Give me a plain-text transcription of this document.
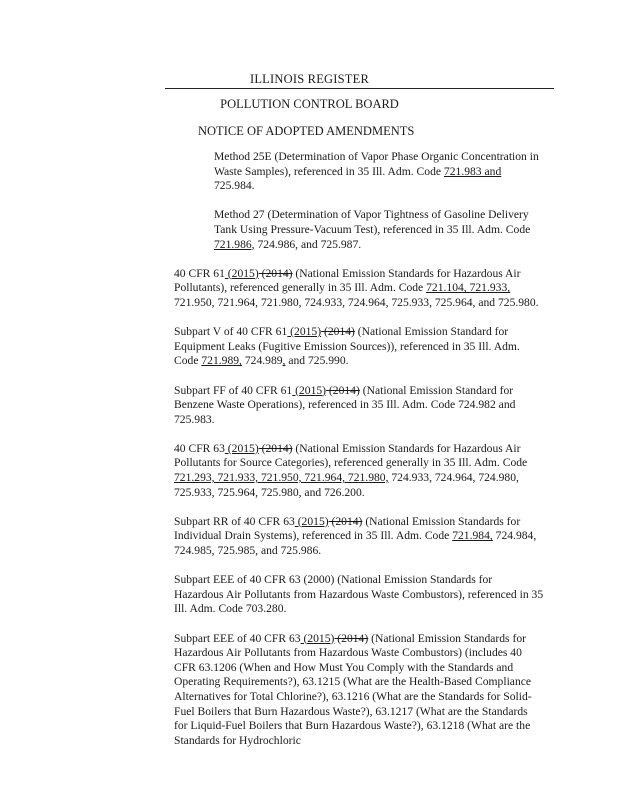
ILLINOIS REGISTER
POLLUTION CONTROL BOARD
NOTICE OF ADOPTED AMENDMENTS

Method 25E (Determination of Vapor Phase Organic Concentration in Waste Samples), referenced in 35 Ill. Adm. Code 721.983 and 725.984.

Method 27 (Determination of Vapor Tightness of Gasoline Delivery Tank Using Pressure-Vacuum Test), referenced in 35 Ill. Adm. Code 721.986, 724.986, and 725.987.

40 CFR 61 (2015) (2014) (National Emission Standards for Hazardous Air Pollutants), referenced generally in 35 Ill. Adm. Code 721.104, 721.933, 721.950, 721.964, 721.980, 724.933, 724.964, 725.933, 725.964, and 725.980.

Subpart V of 40 CFR 61 (2015) (2014) (National Emission Standard for Equipment Leaks (Fugitive Emission Sources)), referenced in 35 Ill. Adm. Code 721.989, 724.989, and 725.990.

Subpart FF of 40 CFR 61 (2015) (2014) (National Emission Standard for Benzene Waste Operations), referenced in 35 Ill. Adm. Code 724.982 and 725.983.

40 CFR 63 (2015) (2014) (National Emission Standards for Hazardous Air Pollutants for Source Categories), referenced generally in 35 Ill. Adm. Code 721.293, 721.933, 721.950, 721.964, 721.980, 724.933, 724.964, 724.980, 725.933, 725.964, 725.980, and 726.200.

Subpart RR of 40 CFR 63 (2015) (2014) (National Emission Standards for Individual Drain Systems), referenced in 35 Ill. Adm. Code 721.984, 724.984, 724.985, 725.985, and 725.986.

Subpart EEE of 40 CFR 63 (2000) (National Emission Standards for Hazardous Air Pollutants from Hazardous Waste Combustors), referenced in 35 Ill. Adm. Code 703.280.

Subpart EEE of 40 CFR 63 (2015) (2014) (National Emission Standards for Hazardous Air Pollutants from Hazardous Waste Combustors) (includes 40 CFR 63.1206 (When and How Must You Comply with the Standards and Operating Requirements?), 63.1215 (What are the Health-Based Compliance Alternatives for Total Chlorine?), 63.1216 (What are the Standards for Solid-Fuel Boilers that Burn Hazardous Waste?), 63.1217 (What are the Standards for Liquid-Fuel Boilers that Burn Hazardous Waste?), 63.1218 (What are the Standards for Hydrochloric
